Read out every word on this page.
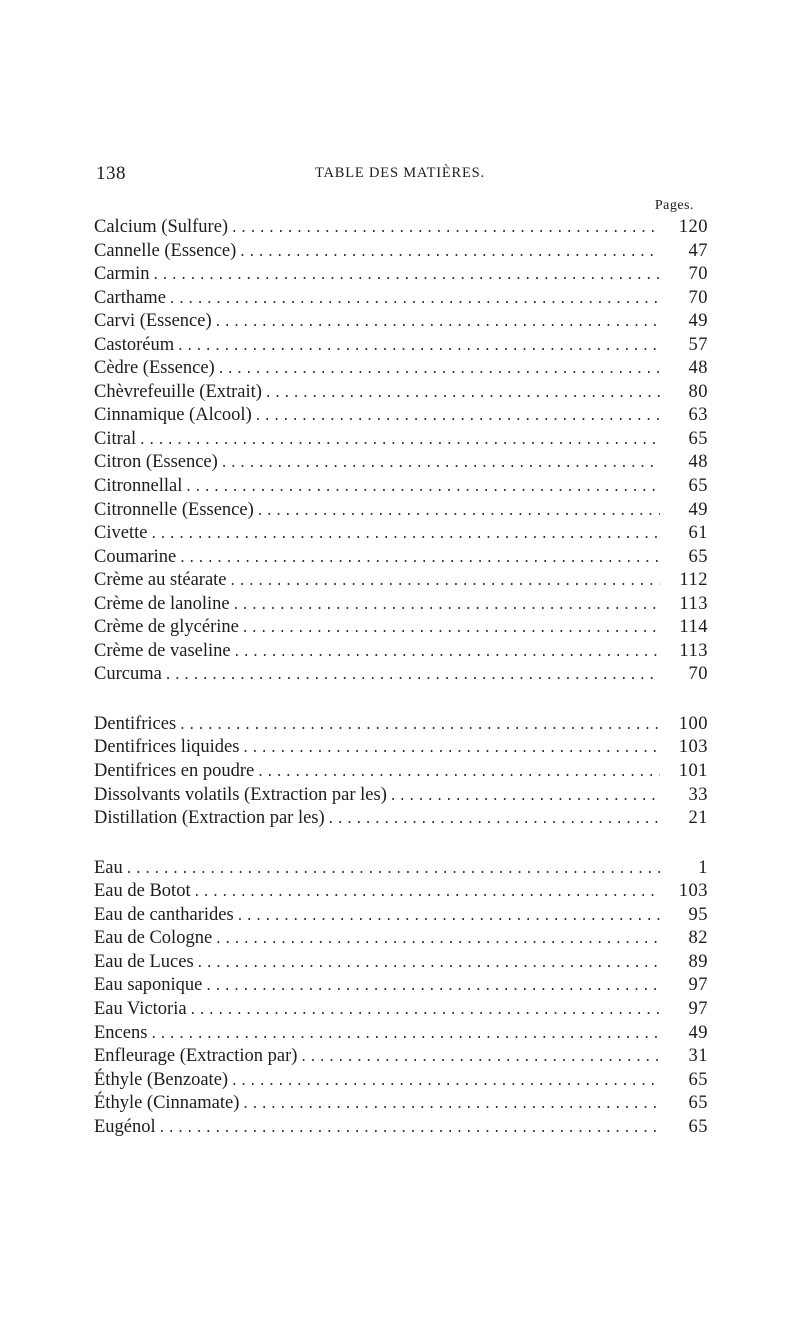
138	TABLE DES MATIÈRES.
Pages.
Calcium (Sulfure) .....	120
Cannelle (Essence) .....	47
Carmin .....	70
Carthame .....	70
Carvi (Essence) .....	49
Castoréum .....	57
Cèdre (Essence) .....	48
Chèvrefeuille (Extrait) .....	80
Cinnamique (Alcool) .....	63
Citral .....	65
Citron (Essence) .....	48
Citronnellal .....	65
Citronnelle (Essence) .....	49
Civette .....	61
Coumarine .....	65
Crème au stéarate .....	112
Crème de lanoline .....	113
Crème de glycérine .....	114
Crème de vaseline .....	113
Curcuma .....	70
Dentifrices .....	100
Dentifrices liquides .....	103
Dentifrices en poudre .....	101
Dissolvants volatils (Extraction par les) .....	33
Distillation (Extraction par les) .....	21
Eau .....	1
Eau de Botot .....	103
Eau de cantharides .....	95
Eau de Cologne .....	82
Eau de Luces .....	89
Eau saponique .....	97
Eau Victoria .....	97
Encens .....	49
Enfleurage (Extraction par) .....	31
Éthyle (Benzoate) .....	65
Éthyle (Cinnamate) .....	65
Eugénol .....	65
